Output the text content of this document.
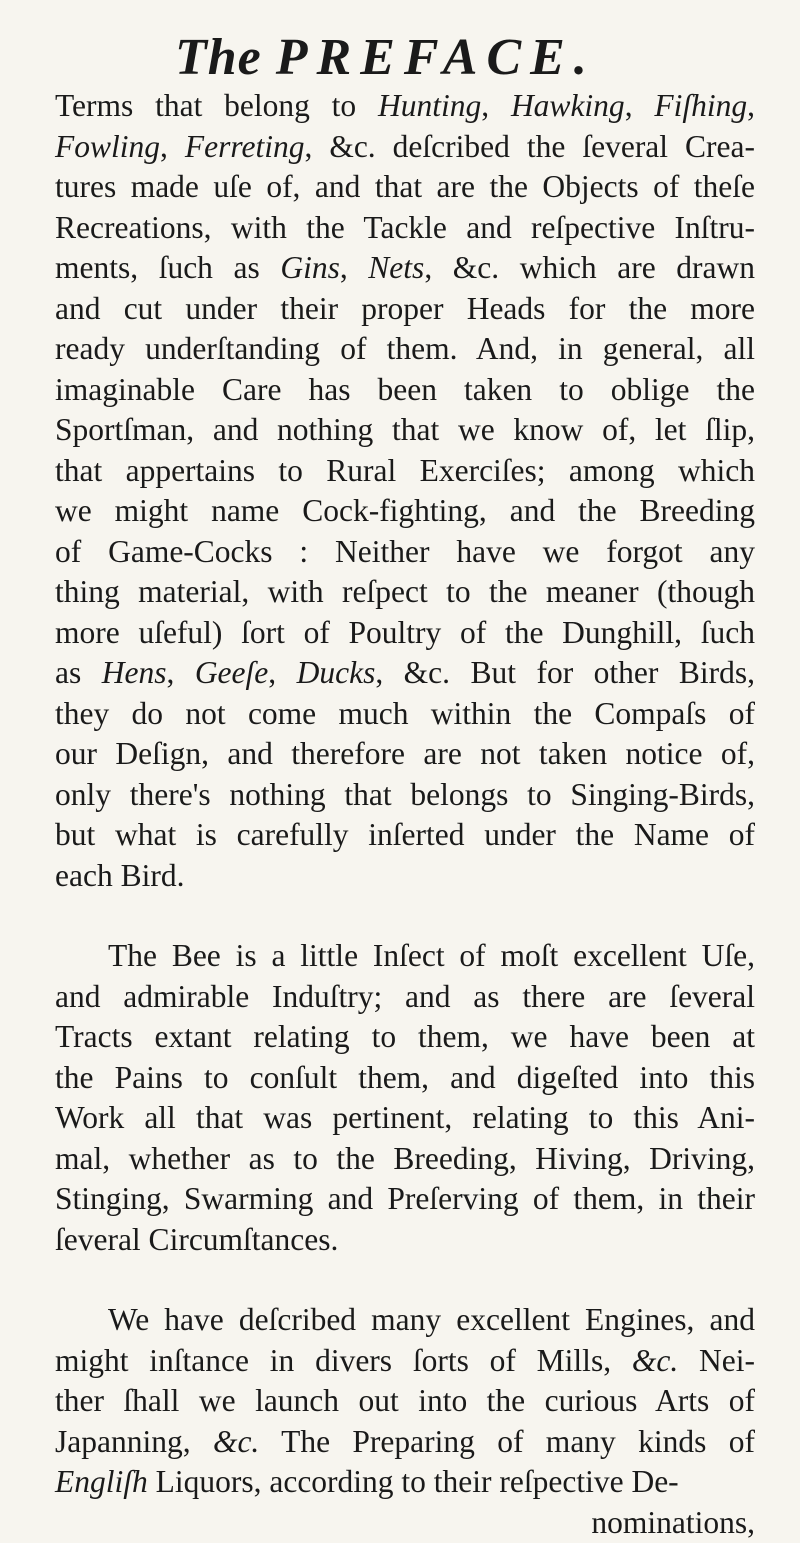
The PREFACE.
Terms that belong to Hunting, Hawking, Fiſhing,
Fowling, Ferreting, &c. deſcribed the ſeveral Crea-
tures made uſe of, and that are the Objects of theſe
Recreations, with the Tackle and reſpective Inſtru-
ments, ſuch as Gins, Nets, &c. which are drawn
and cut under their proper Heads for the more
ready underſtanding of them. And, in general, all
imaginable Care has been taken to oblige the
Sportſman, and nothing that we know of, let ſlip,
that appertains to Rural Exerciſes; among which
we might name Cock-fighting, and the Breeding
of Game-Cocks : Neither have we forgot any
thing material, with reſpect to the meaner (though
more uſeful) ſort of Poultry of the Dunghill, ſuch
as Hens, Geeſe, Ducks, &c. But for other Birds,
they do not come much within the Compaſs of
our Deſign, and therefore are not taken notice of,
only there's nothing that belongs to Singing-Birds,
but what is carefully inſerted under the Name of
each Bird.
The Bee is a little Inſect of moſt excellent Uſe,
and admirable Induſtry; and as there are ſeveral
Tracts extant relating to them, we have been at
the Pains to conſult them, and digeſted into this
Work all that was pertinent, relating to this Ani-
mal, whether as to the Breeding, Hiving, Driving,
Stinging, Swarming and Preſerving of them, in their
ſeveral Circumſtances.
We have deſcribed many excellent Engines, and
might inſtance in divers ſorts of Mills, &c. Nei-
ther ſhall we launch out into the curious Arts of
Japanning, &c. The Preparing of many kinds of
Engliſh Liquors, according to their reſpective De-
nominations,
